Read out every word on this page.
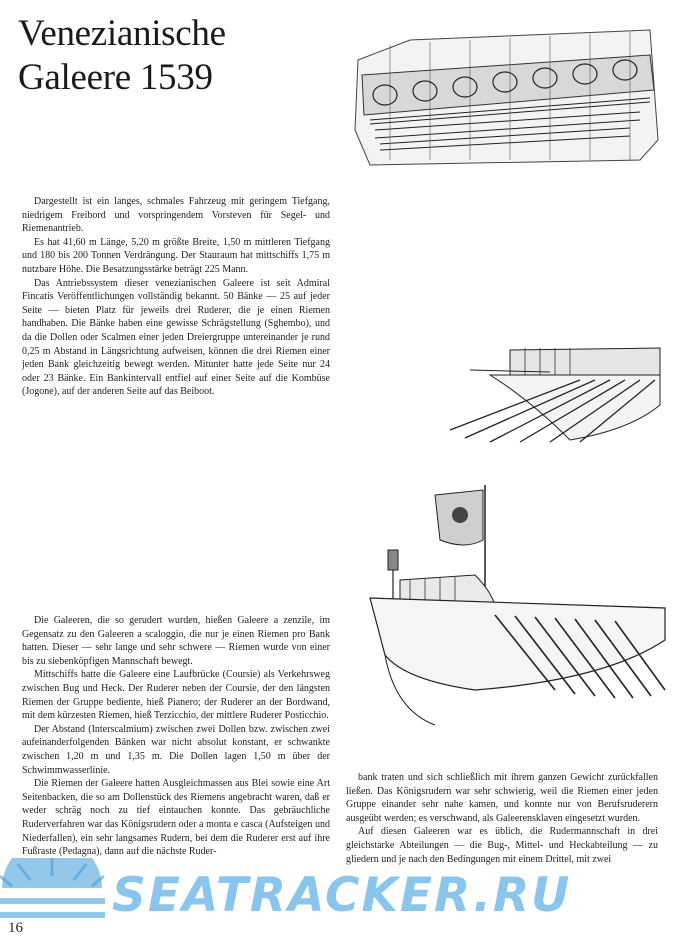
Venezianische
Galeere 1539

Dargestellt ist ein langes, schmales Fahrzeug mit geringem Tiefgang, niedrigem Freibord und vorspringendem Vorsteven für Segel- und Riemenantrieb.

Es hat 41,60 m Länge, 5,20 m größte Breite, 1,50 m mittleren Tiefgang und 180 bis 200 Tonnen Verdrängung. Der Stauraum hat mittschiffs 1,75 m nutzbare Höhe. Die Besatzungsstärke beträgt 225 Mann.

Das Antriebssystem dieser venezianischen Galeere ist seit Admiral Fincatis Veröffentlichungen vollständig bekannt. 50 Bänke — 25 auf jeder Seite — bieten Platz für jeweils drei Ruderer, die je einen Riemen handhaben. Die Bänke haben eine gewisse Schrägstellung (Sghembo), und da die Dollen oder Scalmen einer jeden Dreiergruppe untereinander je rund 0,25 m Abstand in Längsrichtung aufweisen, können die drei Riemen einer jeden Bank gleichzeitig bewegt werden. Mitunter hatte jede Seite nur 24 oder 23 Bänke. Ein Bankintervall entfiel auf einer Seite auf die Kombüse (Jogone), auf der anderen Seite auf das Beiboot.

Die Galeeren, die so gerudert wurden, hießen Galeere a zenzile, im Gegensatz zu den Galeeren a scaloggio, die nur je einen Riemen pro Bank hatten. Dieser — sehr lange und sehr schwere — Riemen wurde von einer bis zu siebenköpfigen Mannschaft bewegt.

Mittschiffs hatte die Galeere eine Laufbrücke (Coursie) als Verkehrsweg zwischen Bug und Heck. Der Ruderer neben der Coursie, der den längsten Riemen der Gruppe bediente, hieß Pianero; der Ruderer an der Bordwand, mit dem kürzesten Riemen, hieß Terzicchio, der mittlere Ruderer Posticchio.

Der Abstand (Interscalmium) zwischen zwei Dollen bzw. zwischen zwei aufeinanderfolgenden Bänken war nicht absolut konstant, er schwankte zwischen 1,20 m und 1,35 m. Die Dollen lagen 1,50 m über der Schwimmwasserlinie.

Die Riemen der Galeere hatten Ausgleichmassen aus Blei sowie eine Art Seitenbacken, die so am Dollenstück des Riemens angebracht waren, daß er weder schräg noch zu tief eintauchen konnte. Das gebräuchliche Ruderverfahren war das Königsrudern oder a monta e casca (Aufsteigen und Niederfallen), ein sehr langsames Rudern, bei dem die Ruderer erst auf ihre Fußraste (Pedagna), dann auf die nächste Ruder-

bank traten und sich schließlich mit ihrem ganzen Gewicht zurückfallen ließen. Das Königsrudern war sehr schwierig, weil die Riemen einer jeden Gruppe einander sehr nahe kamen, und konnte nur von Berufsruderern ausgeübt werden; es verschwand, als Galeerensklaven eingesetzt wurden.

Auf diesen Galeeren war es üblich, die Rudermannschaft in drei gleichstarke Abteilungen — die Bug-, Mittel- und Heckabteilung — zu gliedern und je nach den Bedingungen mit einem Drittel, mit zwei

SEATRACKER.RU
16
